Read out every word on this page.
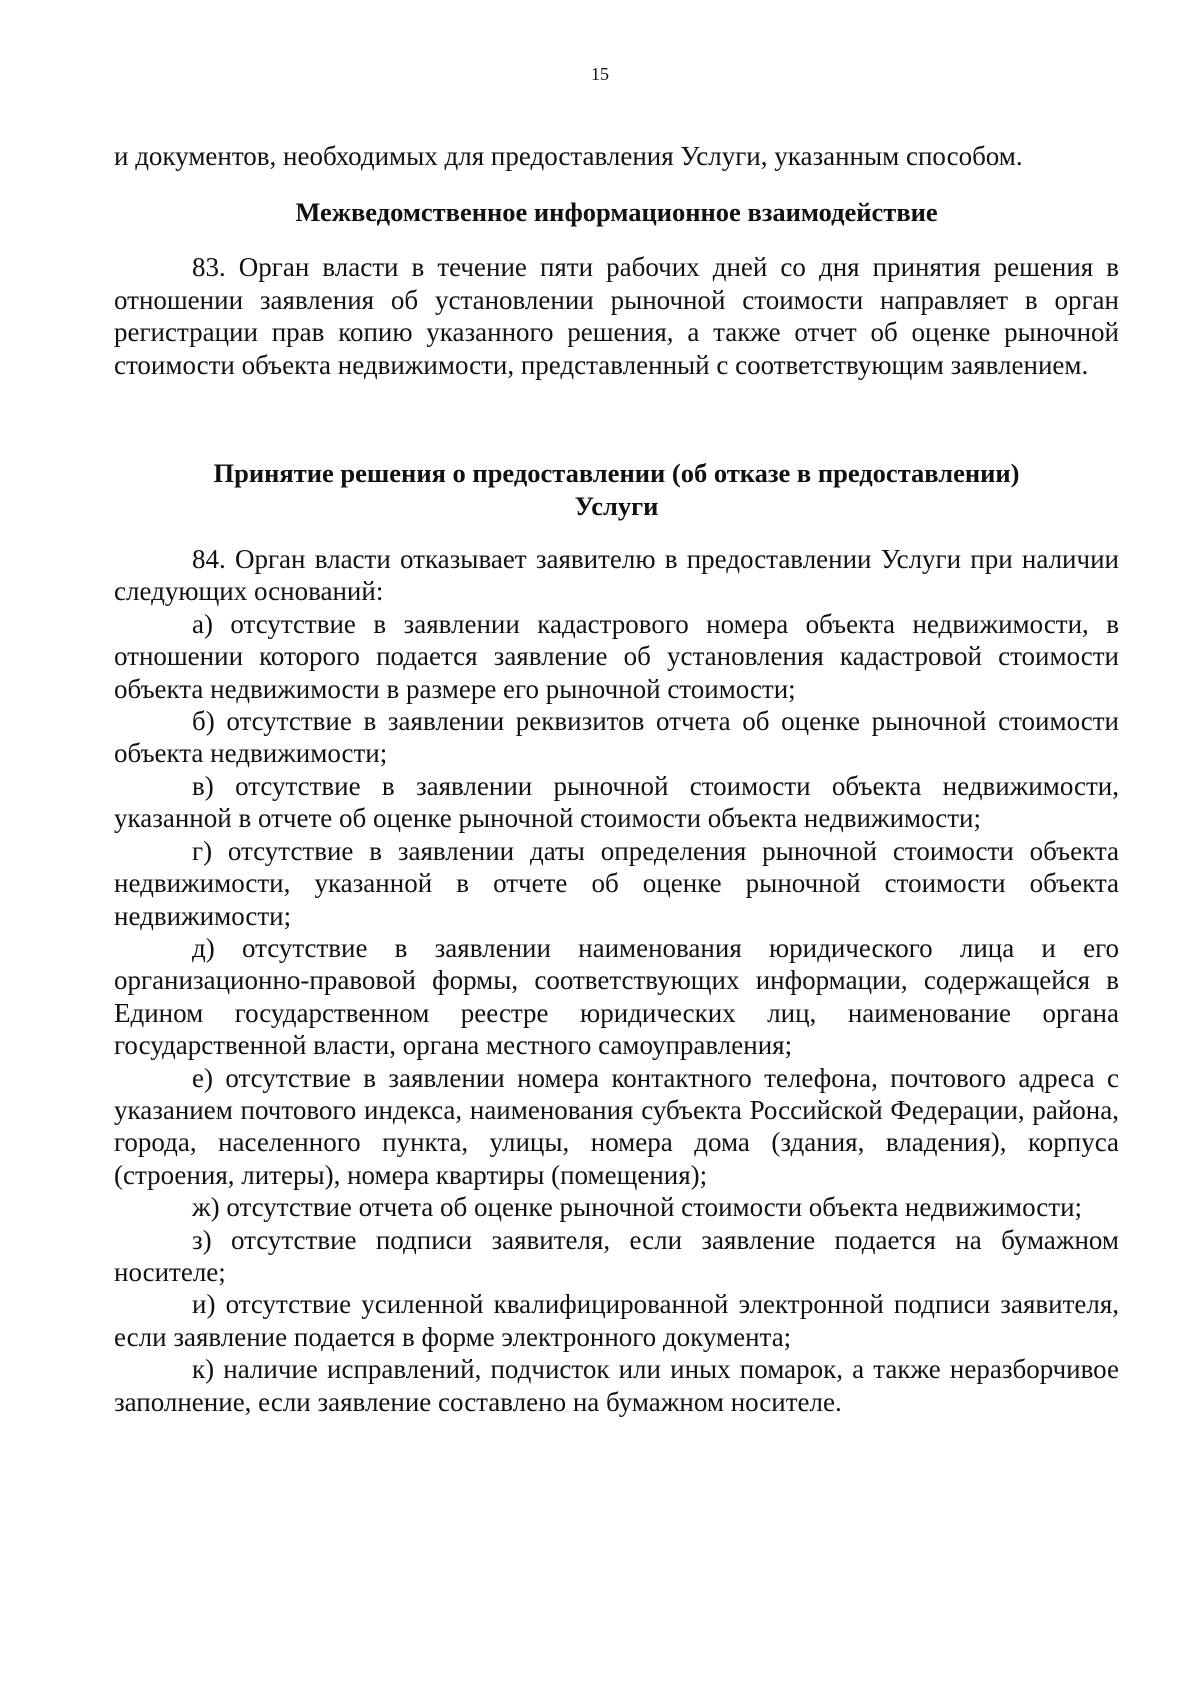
15

и документов, необходимых для предоставления Услуги, указанным способом.

Межведомственное информационное взаимодействие

83. Орган власти в течение пяти рабочих дней со дня принятия решения в отношении заявления об установлении рыночной стоимости направляет в орган регистрации прав копию указанного решения, а также отчет об оценке рыночной стоимости объекта недвижимости, представленный с соответствующим заявлением.

Принятие решения о предоставлении (об отказе в предоставлении)
Услуги

84. Орган власти отказывает заявителю в предоставлении Услуги при наличии следующих оснований:

а) отсутствие в заявлении кадастрового номера объекта недвижимости, в отношении которого подается заявление об установления кадастровой стоимости объекта недвижимости в размере его рыночной стоимости;

б) отсутствие в заявлении реквизитов отчета об оценке рыночной стоимости объекта недвижимости;

в) отсутствие в заявлении рыночной стоимости объекта недвижимости, указанной в отчете об оценке рыночной стоимости объекта недвижимости;

г) отсутствие в заявлении даты определения рыночной стоимости объекта недвижимости, указанной в отчете об оценке рыночной стоимости объекта недвижимости;

д) отсутствие в заявлении наименования юридического лица и его организационно-правовой формы, соответствующих информации, содержащейся в Едином государственном реестре юридических лиц, наименование органа государственной власти, органа местного самоуправления;

е) отсутствие в заявлении номера контактного телефона, почтового адреса с указанием почтового индекса, наименования субъекта Российской Федерации, района, города, населенного пункта, улицы, номера дома (здания, владения), корпуса (строения, литеры), номера квартиры (помещения);

ж) отсутствие отчета об оценке рыночной стоимости объекта недвижимости;

з) отсутствие подписи заявителя, если заявление подается на бумажном носителе;

и) отсутствие усиленной квалифицированной электронной подписи заявителя, если заявление подается в форме электронного документа;

к) наличие исправлений, подчисток или иных помарок, а также неразборчивое заполнение, если заявление составлено на бумажном носителе.
